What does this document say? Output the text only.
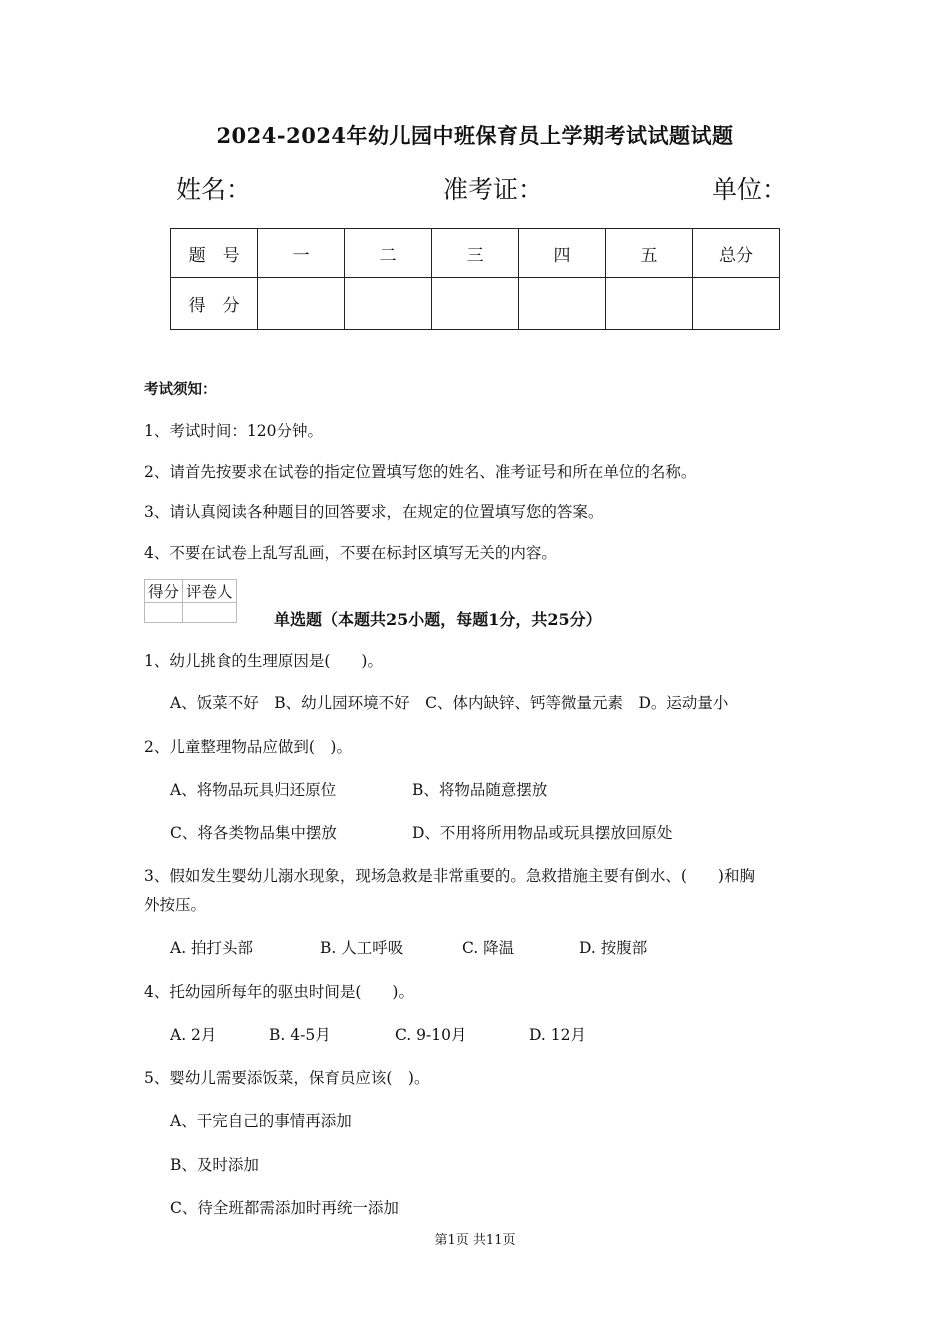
2024-2024年幼儿园中班保育员上学期考试试题试题
姓名：	准考证：	单位：
题　号	一	二	三	四	五	总分
得　分						
考试须知：
1、考试时间：120分钟。
2、请首先按要求在试卷的指定位置填写您的姓名、准考证号和所在单位的名称。
3、请认真阅读各种题目的回答要求，在规定的位置填写您的答案。
4、不要在试卷上乱写乱画，不要在标封区填写无关的内容。
得分	评卷人

单选题（本题共25小题，每题1分，共25分）
1、幼儿挑食的生理原因是(　　)。
A、饭菜不好　B、幼儿园环境不好　C、体内缺锌、钙等微量元素　D。运动量小
2、儿童整理物品应做到(　)。
A、将物品玩具归还原位	B、将物品随意摆放
C、将各类物品集中摆放	D、不用将所用物品或玩具摆放回原处
3、假如发生婴幼儿溺水现象，现场急救是非常重要的。急救措施主要有倒水、(　　)和胸
外按压。
A. 拍打头部	B. 人工呼吸	C. 降温	D. 按腹部
4、托幼园所每年的驱虫时间是(　　)。
A. 2月	B. 4-5月	C. 9-10月	D. 12月
5、婴幼儿需要添饭菜，保育员应该(　)。
A、干完自己的事情再添加
B、及时添加
C、待全班都需添加时再统一添加
第1页 共11页
